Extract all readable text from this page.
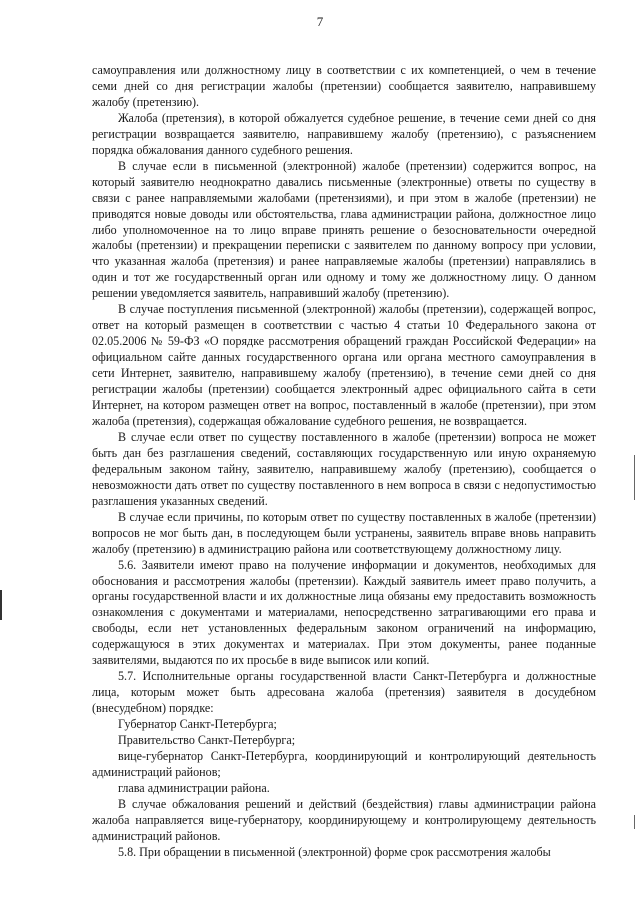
7

самоуправления или должностному лицу в соответствии с их компетенцией, о чем в течение семи дней со дня регистрации жалобы (претензии) сообщается заявителю, направившему жалобу (претензию).

Жалоба (претензия), в которой обжалуется судебное решение, в течение семи дней со дня регистрации возвращается заявителю, направившему жалобу (претензию), с разъяснением порядка обжалования данного судебного решения.

В случае если в письменной (электронной) жалобе (претензии) содержится вопрос, на который заявителю неоднократно давались письменные (электронные) ответы по существу в связи с ранее направляемыми жалобами (претензиями), и при этом в жалобе (претензии) не приводятся новые доводы или обстоятельства, глава администрации района, должностное лицо либо уполномоченное на то лицо вправе принять решение о безосновательности очередной жалобы (претензии) и прекращении переписки с заявителем по данному вопросу при условии, что указанная жалоба (претензия) и ранее направляемые жалобы (претензии) направлялись в один и тот же государственный орган или одному и тому же должностному лицу. О данном решении уведомляется заявитель, направивший жалобу (претензию).

В случае поступления письменной (электронной) жалобы (претензии), содержащей вопрос, ответ на который размещен в соответствии с частью 4 статьи 10 Федерального закона от 02.05.2006 № 59-ФЗ «О порядке рассмотрения обращений граждан Российской Федерации» на официальном сайте данных государственного органа или органа местного самоуправления в сети Интернет, заявителю, направившему жалобу (претензию), в течение семи дней со дня регистрации жалобы (претензии) сообщается электронный адрес официального сайта в сети Интернет, на котором размещен ответ на вопрос, поставленный в жалобе (претензии), при этом жалоба (претензия), содержащая обжалование судебного решения, не возвращается.

В случае если ответ по существу поставленного в жалобе (претензии) вопроса не может быть дан без разглашения сведений, составляющих государственную или иную охраняемую федеральным законом тайну, заявителю, направившему жалобу (претензию), сообщается о невозможности дать ответ по существу поставленного в нем вопроса в связи с недопустимостью разглашения указанных сведений.

В случае если причины, по которым ответ по существу поставленных в жалобе (претензии) вопросов не мог быть дан, в последующем были устранены, заявитель вправе вновь направить жалобу (претензию) в администрацию района или соответствующему должностному лицу.

5.6. Заявители имеют право на получение информации и документов, необходимых для обоснования и рассмотрения жалобы (претензии). Каждый заявитель имеет право получить, а органы государственной власти и их должностные лица обязаны ему предоставить возможность ознакомления с документами и материалами, непосредственно затрагивающими его права и свободы, если нет установленных федеральным законом ограничений на информацию, содержащуюся в этих документах и материалах. При этом документы, ранее поданные заявителями, выдаются по их просьбе в виде выписок или копий.

5.7. Исполнительные органы государственной власти Санкт-Петербурга и должностные лица, которым может быть адресована жалоба (претензия) заявителя в досудебном (внесудебном) порядке:

Губернатор Санкт-Петербурга;

Правительство Санкт-Петербурга;

вице-губернатор Санкт-Петербурга, координирующий и контролирующий деятельность администраций районов;

глава администрации района.

В случае обжалования решений и действий (бездействия) главы администрации района жалоба направляется вице-губернатору, координирующему и контролирующему деятельность администраций районов.

5.8. При обращении в письменной (электронной) форме срок рассмотрения жалобы
